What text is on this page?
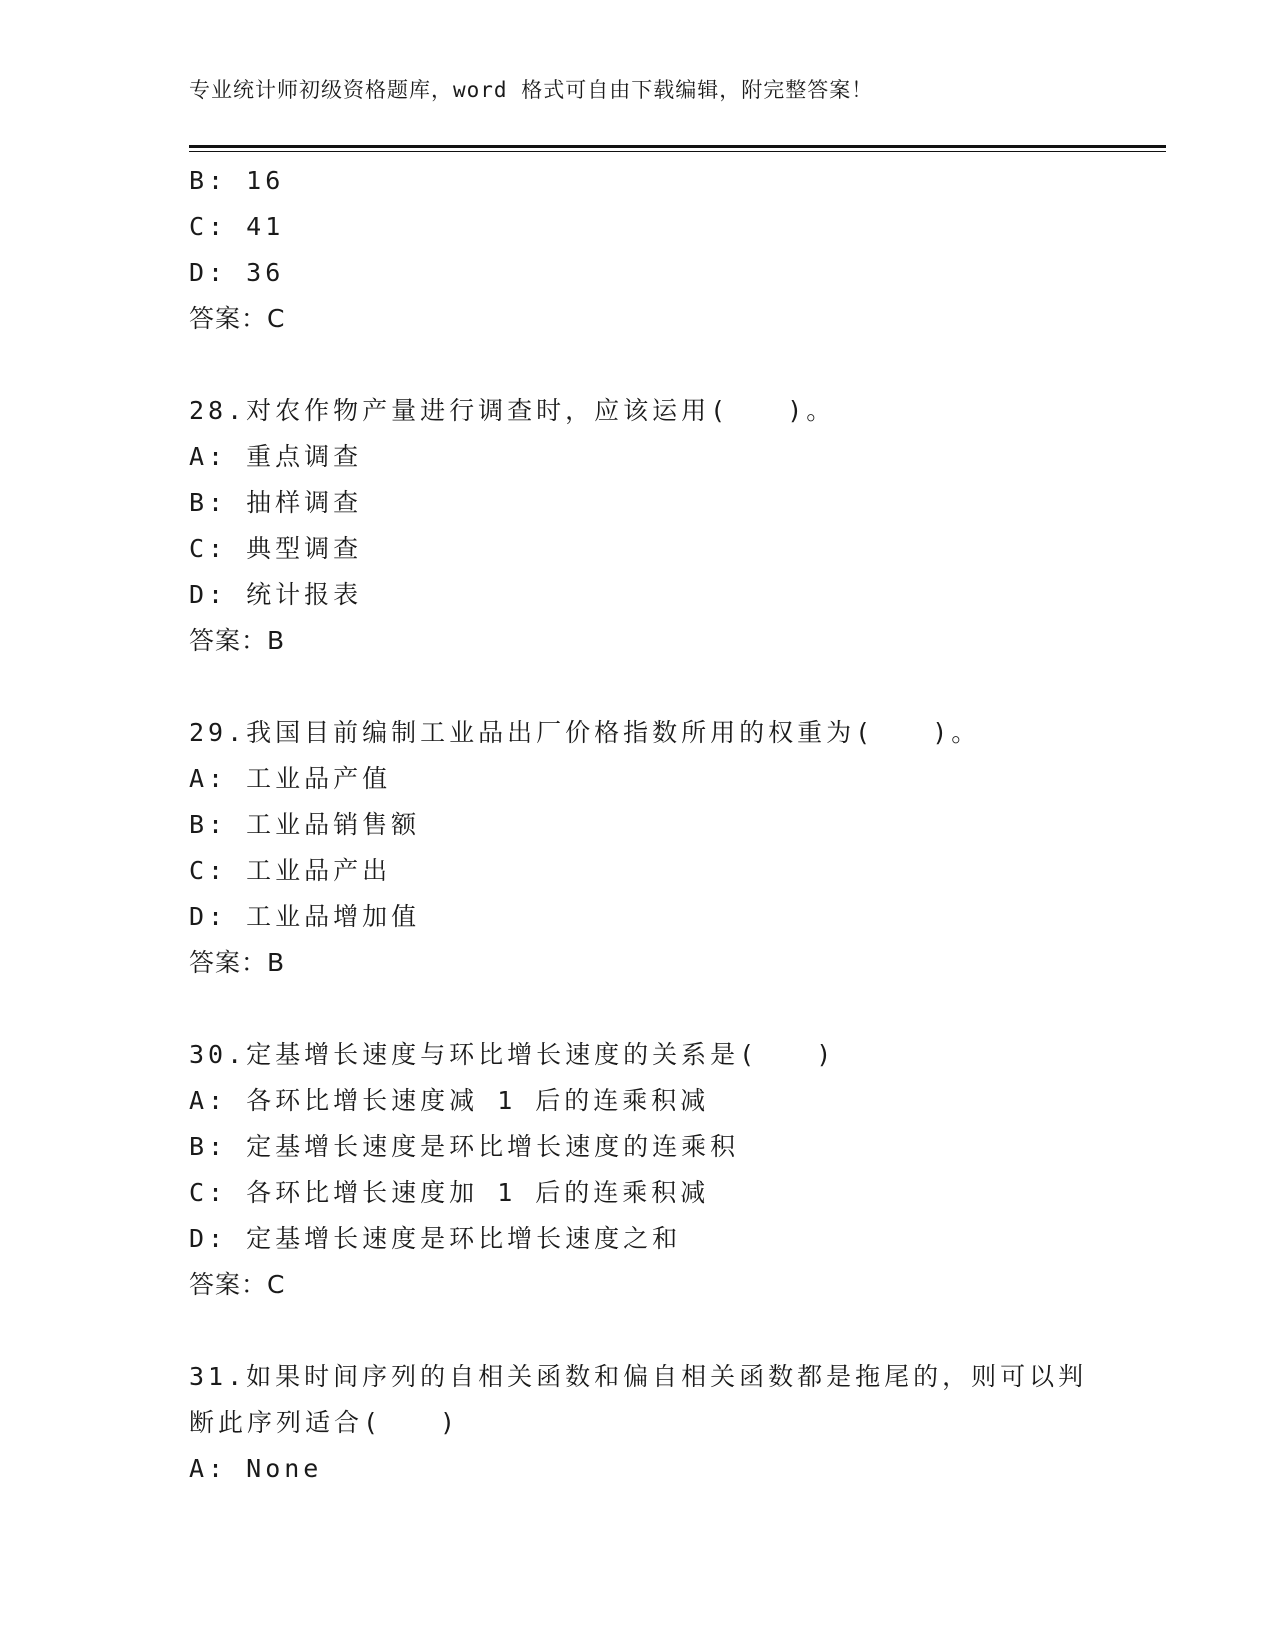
专业统计师初级资格题库，word 格式可自由下载编辑，附完整答案！
B: 16
C: 41
D: 36
答案：C
28.对农作物产量进行调查时，应该运用(　　)。
A: 重点调查
B: 抽样调查
C: 典型调查
D: 统计报表
答案：B
29.我国目前编制工业品出厂价格指数所用的权重为(　　)。
A: 工业品产值
B: 工业品销售额
C: 工业品产出
D: 工业品增加值
答案：B
30.定基增长速度与环比增长速度的关系是(　　)
A: 各环比增长速度减 1 后的连乘积减
B: 定基增长速度是环比增长速度的连乘积
C: 各环比增长速度加 1 后的连乘积减
D: 定基增长速度是环比增长速度之和
答案：C
31.如果时间序列的自相关函数和偏自相关函数都是拖尾的，则可以判断此序列适合(　　)
A: None
